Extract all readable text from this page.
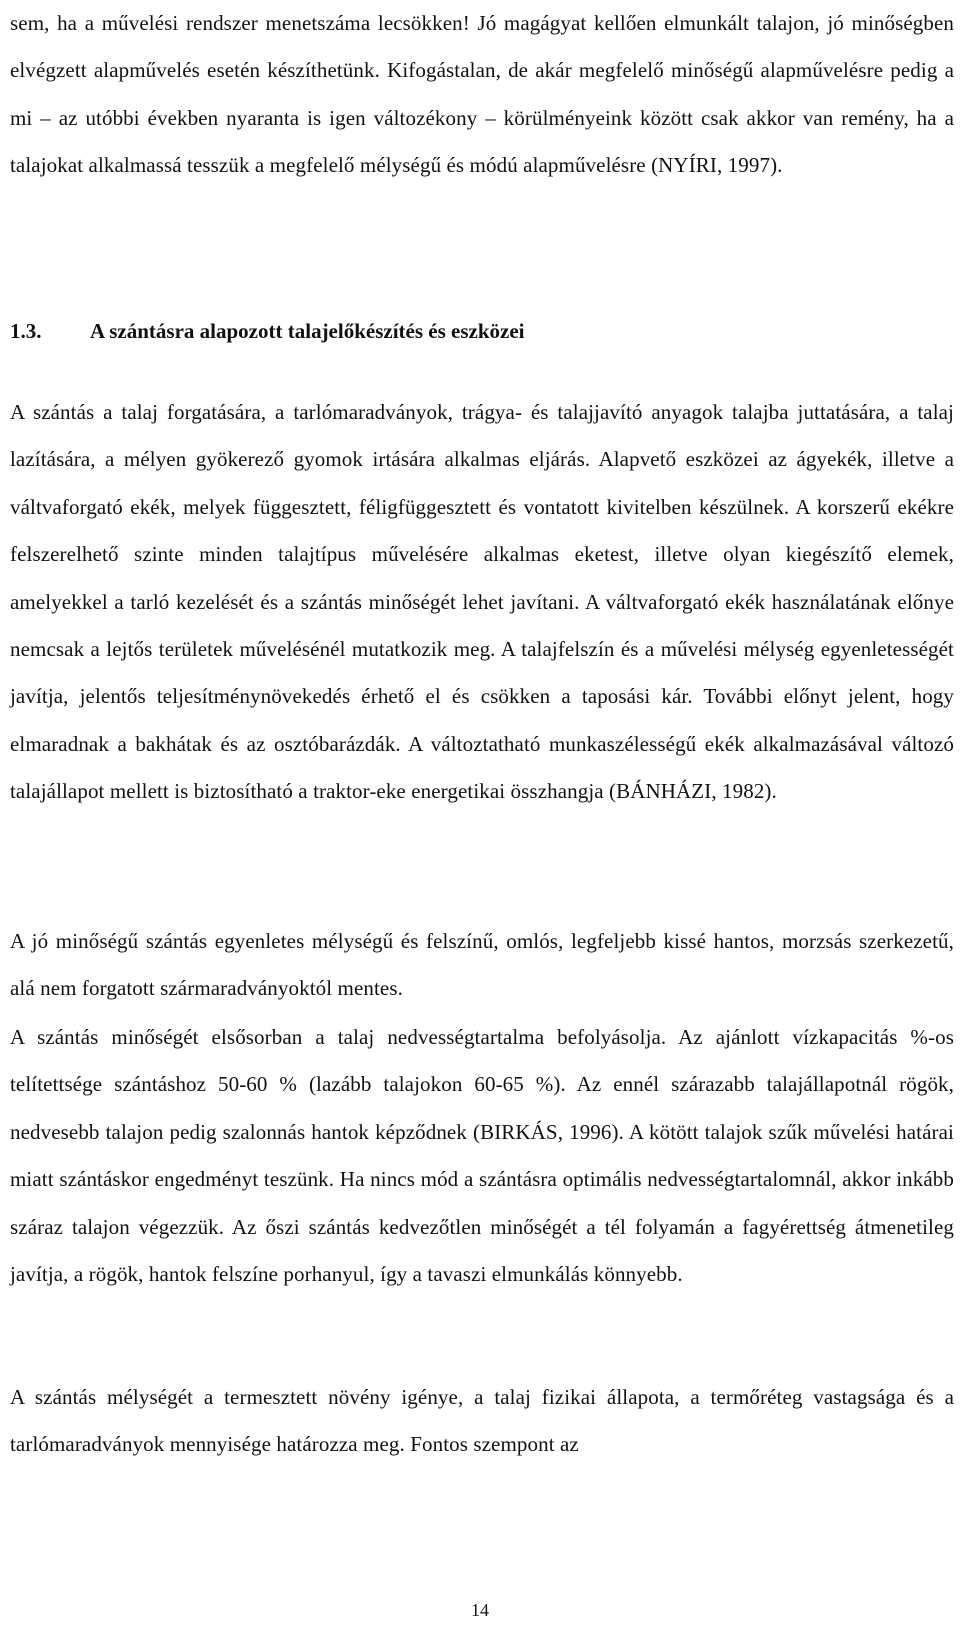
sem, ha a művelési rendszer menetszáma lecsökken! Jó magágyat kellően elmunkált talajon, jó minőségben elvégzett alapművelés esetén készíthetünk. Kifogástalan, de akár megfelelő minőségű alapművelésre pedig a mi – az utóbbi években nyaranta is igen változékony – körülményeink között csak akkor van remény, ha a talajokat alkalmassá tesszük a megfelelő mélységű és módú alapművelésre (NYÍRI, 1997).

1.3. A szántásra alapozott talajelőkészítés és eszközei

A szántás a talaj forgatására, a tarlómaradványok, trágya- és talajjavító anyagok talajba juttatására, a talaj lazítására, a mélyen gyökerező gyomok irtására alkalmas eljárás. Alapvető eszközei az ágyekék, illetve a váltvaforgató ekék, melyek függesztett, féligfüggesztett és vontatott kivitelben készülnek. A korszerű ekékre felszerelhető szinte minden talajtípus művelésére alkalmas eketest, illetve olyan kiegészítő elemek, amelyekkel a tarló kezelését és a szántás minőségét lehet javítani. A váltvaforgató ekék használatának előnye nemcsak a lejtős területek művelésénél mutatkozik meg. A talajfelszín és a művelési mélység egyenletességét javítja, jelentős teljesítménynövekedés érhető el és csökken a taposási kár. További előnyt jelent, hogy elmaradnak a bakhátak és az osztóbarázdák. A változtatható munkaszélességű ekék alkalmazásával változó talajállapot mellett is biztosítható a traktor-eke energetikai összhangja (BÁNHÁZI, 1982).

A jó minőségű szántás egyenletes mélységű és felszínű, omlós, legfeljebb kissé hantos, morzsás szerkezetű, alá nem forgatott szármaradványoktól mentes.

A szántás minőségét elsősorban a talaj nedvességtartalma befolyásolja. Az ajánlott vízkapacitás %-os telítettsége szántáshoz 50-60 % (lazább talajokon 60-65 %). Az ennél szárazabb talajállapotnál rögök, nedvesebb talajon pedig szalonnás hantok képződnek (BIRKÁS, 1996). A kötött talajok szűk művelési határai miatt szántáskor engedményt teszünk. Ha nincs mód a szántásra optimális nedvességtartalomnál, akkor inkább száraz talajon végezzük. Az őszi szántás kedvezőtlen minőségét a tél folyamán a fagyérettség átmenetileg javítja, a rögök, hantok felszíne porhanyul, így a tavaszi elmunkálás könnyebb.

A szántás mélységét a termesztett növény igénye, a talaj fizikai állapota, a termőréteg vastagsága és a tarlómaradványok mennyisége határozza meg. Fontos szempont az

14
